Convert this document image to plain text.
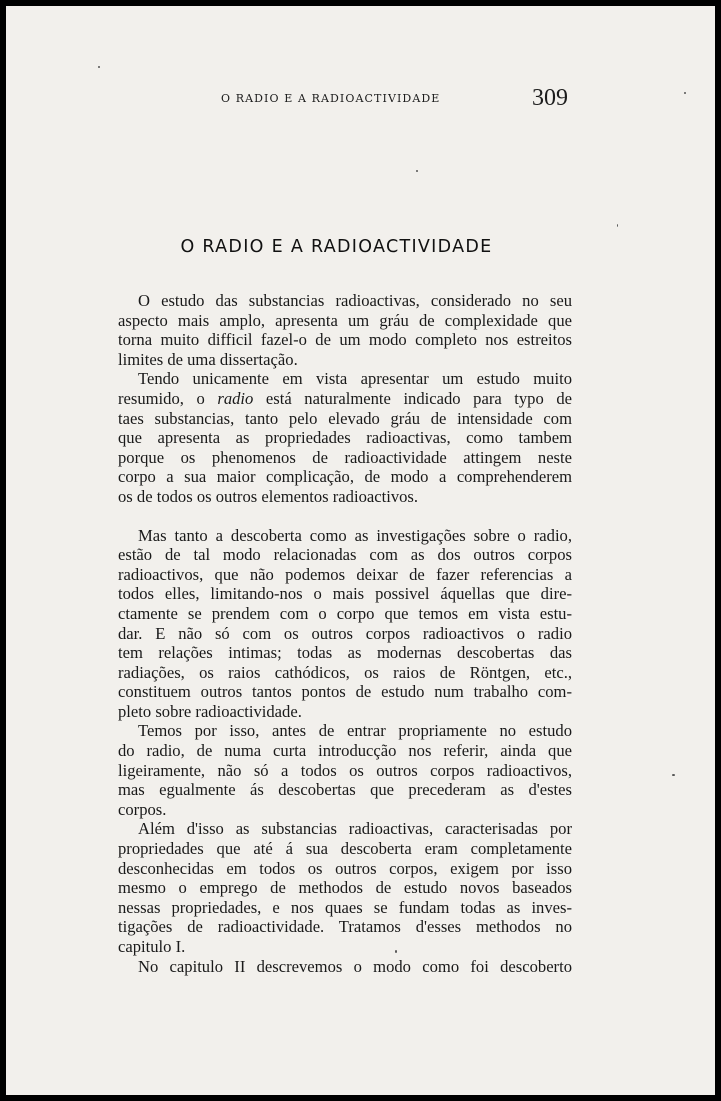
O RADIO E A RADIOACTIVIDADE	309
O RADIO E A RADIOACTIVIDADE

O estudo das substancias radioactivas, considerado no seu
aspecto mais amplo, apresenta um gráu de complexidade que
torna muito difficil fazel-o de um modo completo nos estreitos
limites de uma dissertação.

Tendo unicamente em vista apresentar um estudo muito
resumido, o radio está naturalmente indicado para typo de
taes substancias, tanto pelo elevado gráu de intensidade com
que apresenta as propriedades radioactivas, como tambem
porque os phenomenos de radioactividade attingem neste
corpo a sua maior complicação, de modo a comprehenderem
os de todos os outros elementos radioactivos.

Mas tanto a descoberta como as investigações sobre o radio,
estão de tal modo relacionadas com as dos outros corpos
radioactivos, que não podemos deixar de fazer referencias a
todos elles, limitando-nos o mais possivel áquellas que dire-
ctamente se prendem com o corpo que temos em vista estu-
dar. E não só com os outros corpos radioactivos o radio
tem relações intimas; todas as modernas descobertas das
radiações, os raios cathódicos, os raios de Röntgen, etc.,
constituem outros tantos pontos de estudo num trabalho com-
pleto sobre radioactividade.

Temos por isso, antes de entrar propriamente no estudo
do radio, de numa curta introducção nos referir, ainda que
ligeiramente, não só a todos os outros corpos radioactivos,
mas egualmente ás descobertas que precederam as d'estes
corpos.

Além d'isso as substancias radioactivas, caracterisadas por
propriedades que até á sua descoberta eram completamente
desconhecidas em todos os outros corpos, exigem por isso
mesmo o emprego de methodos de estudo novos baseados
nessas propriedades, e nos quaes se fundam todas as inves-
tigações de radioactividade. Tratamos d'esses methodos no
capitulo I.

No capitulo II descrevemos o modo como foi descoberto
